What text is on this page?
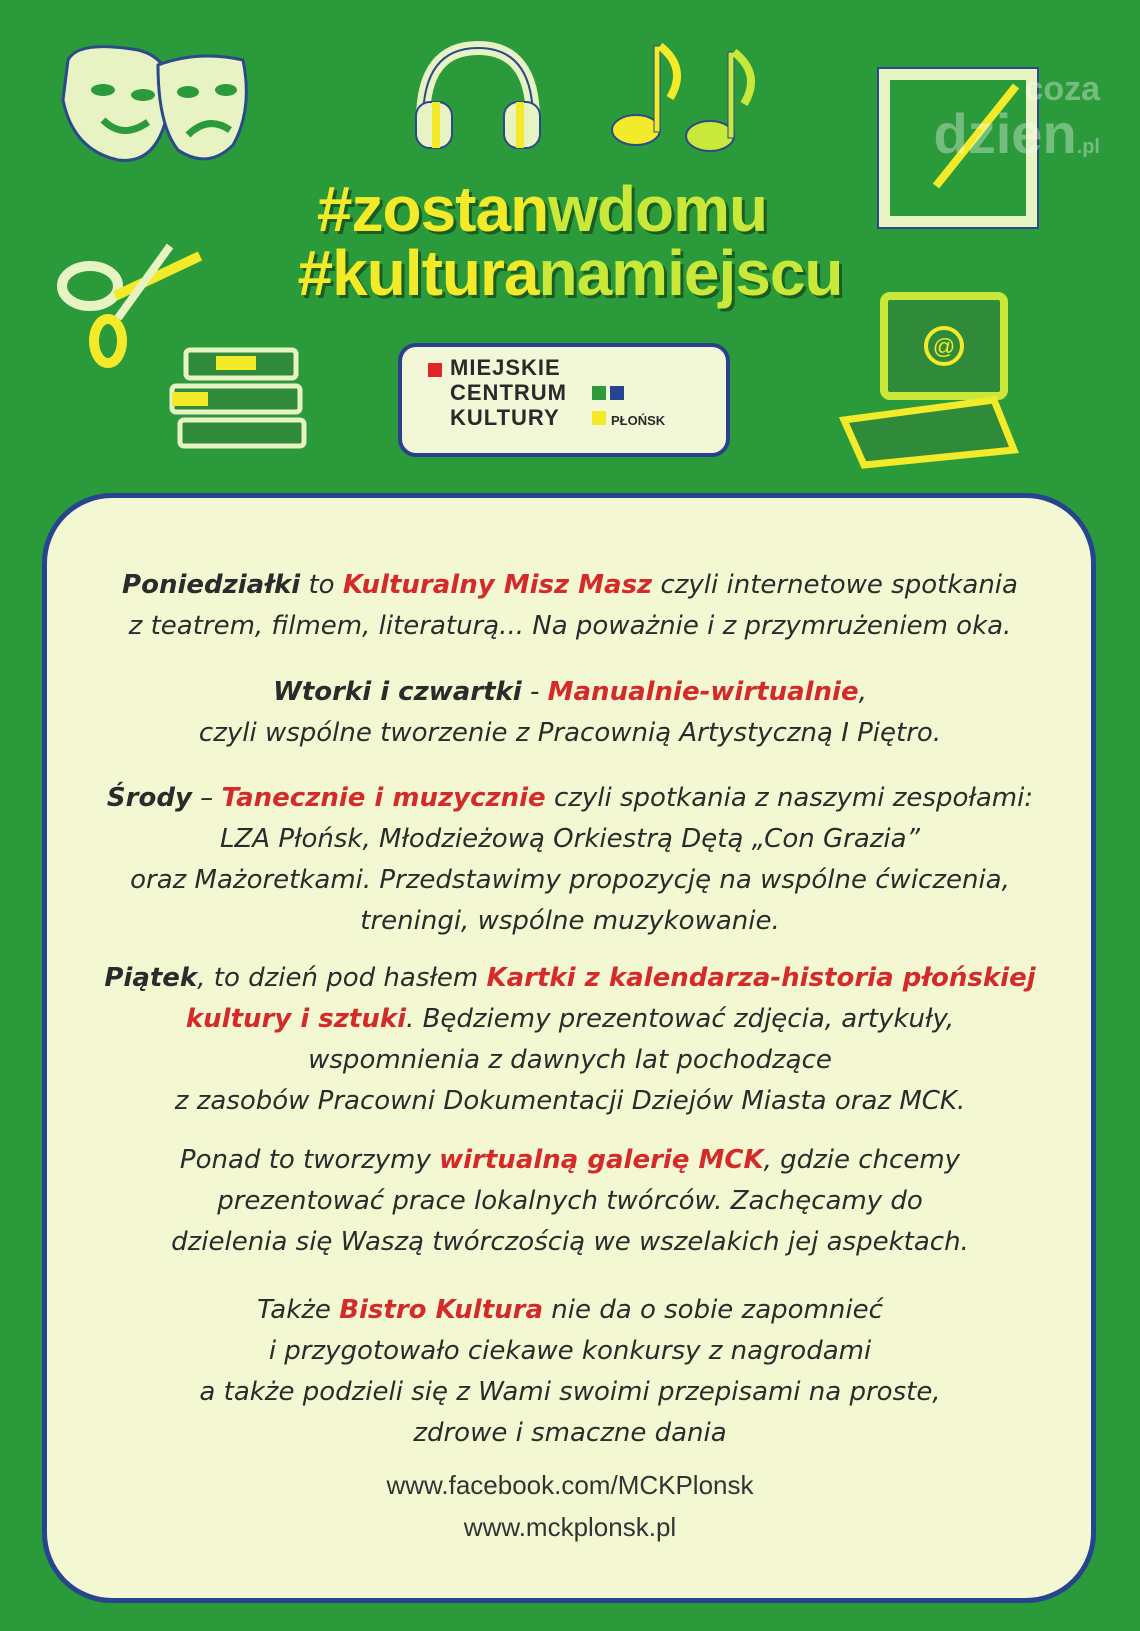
coza
dzien.pl
#zostanwdomu
#kulturanamiejscu
@
MIEJSKIE
CENTRUM
KULTURY	PŁOŃSK
Poniedziałki to Kulturalny Misz Masz czyli internetowe spotkania
z teatrem, filmem, literaturą... Na poważnie i z przymrużeniem oka.
Wtorki i czwartki - Manualnie-wirtualnie,
czyli wspólne tworzenie z Pracownią Artystyczną I Piętro.
Środy – Tanecznie i muzycznie czyli spotkania z naszymi zespołami:
LZA Płońsk, Młodzieżową Orkiestrą Dętą „Con Grazia”
oraz Mażoretkami. Przedstawimy propozycję na wspólne ćwiczenia,
treningi, wspólne muzykowanie.
Piątek, to dzień pod hasłem Kartki z kalendarza-historia płońskiej
kultury i sztuki. Będziemy prezentować zdjęcia, artykuły,
wspomnienia z dawnych lat pochodzące
z zasobów Pracowni Dokumentacji Dziejów Miasta oraz MCK.
Ponad to tworzymy wirtualną galerię MCK, gdzie chcemy
prezentować prace lokalnych twórców. Zachęcamy do
dzielenia się Waszą twórczością we wszelakich jej aspektach.
Także Bistro Kultura nie da o sobie zapomnieć
i przygotowało ciekawe konkursy z nagrodami
a także podzieli się z Wami swoimi przepisami na proste,
zdrowe i smaczne dania
www.facebook.com/MCKPlonsk
www.mckplonsk.pl
